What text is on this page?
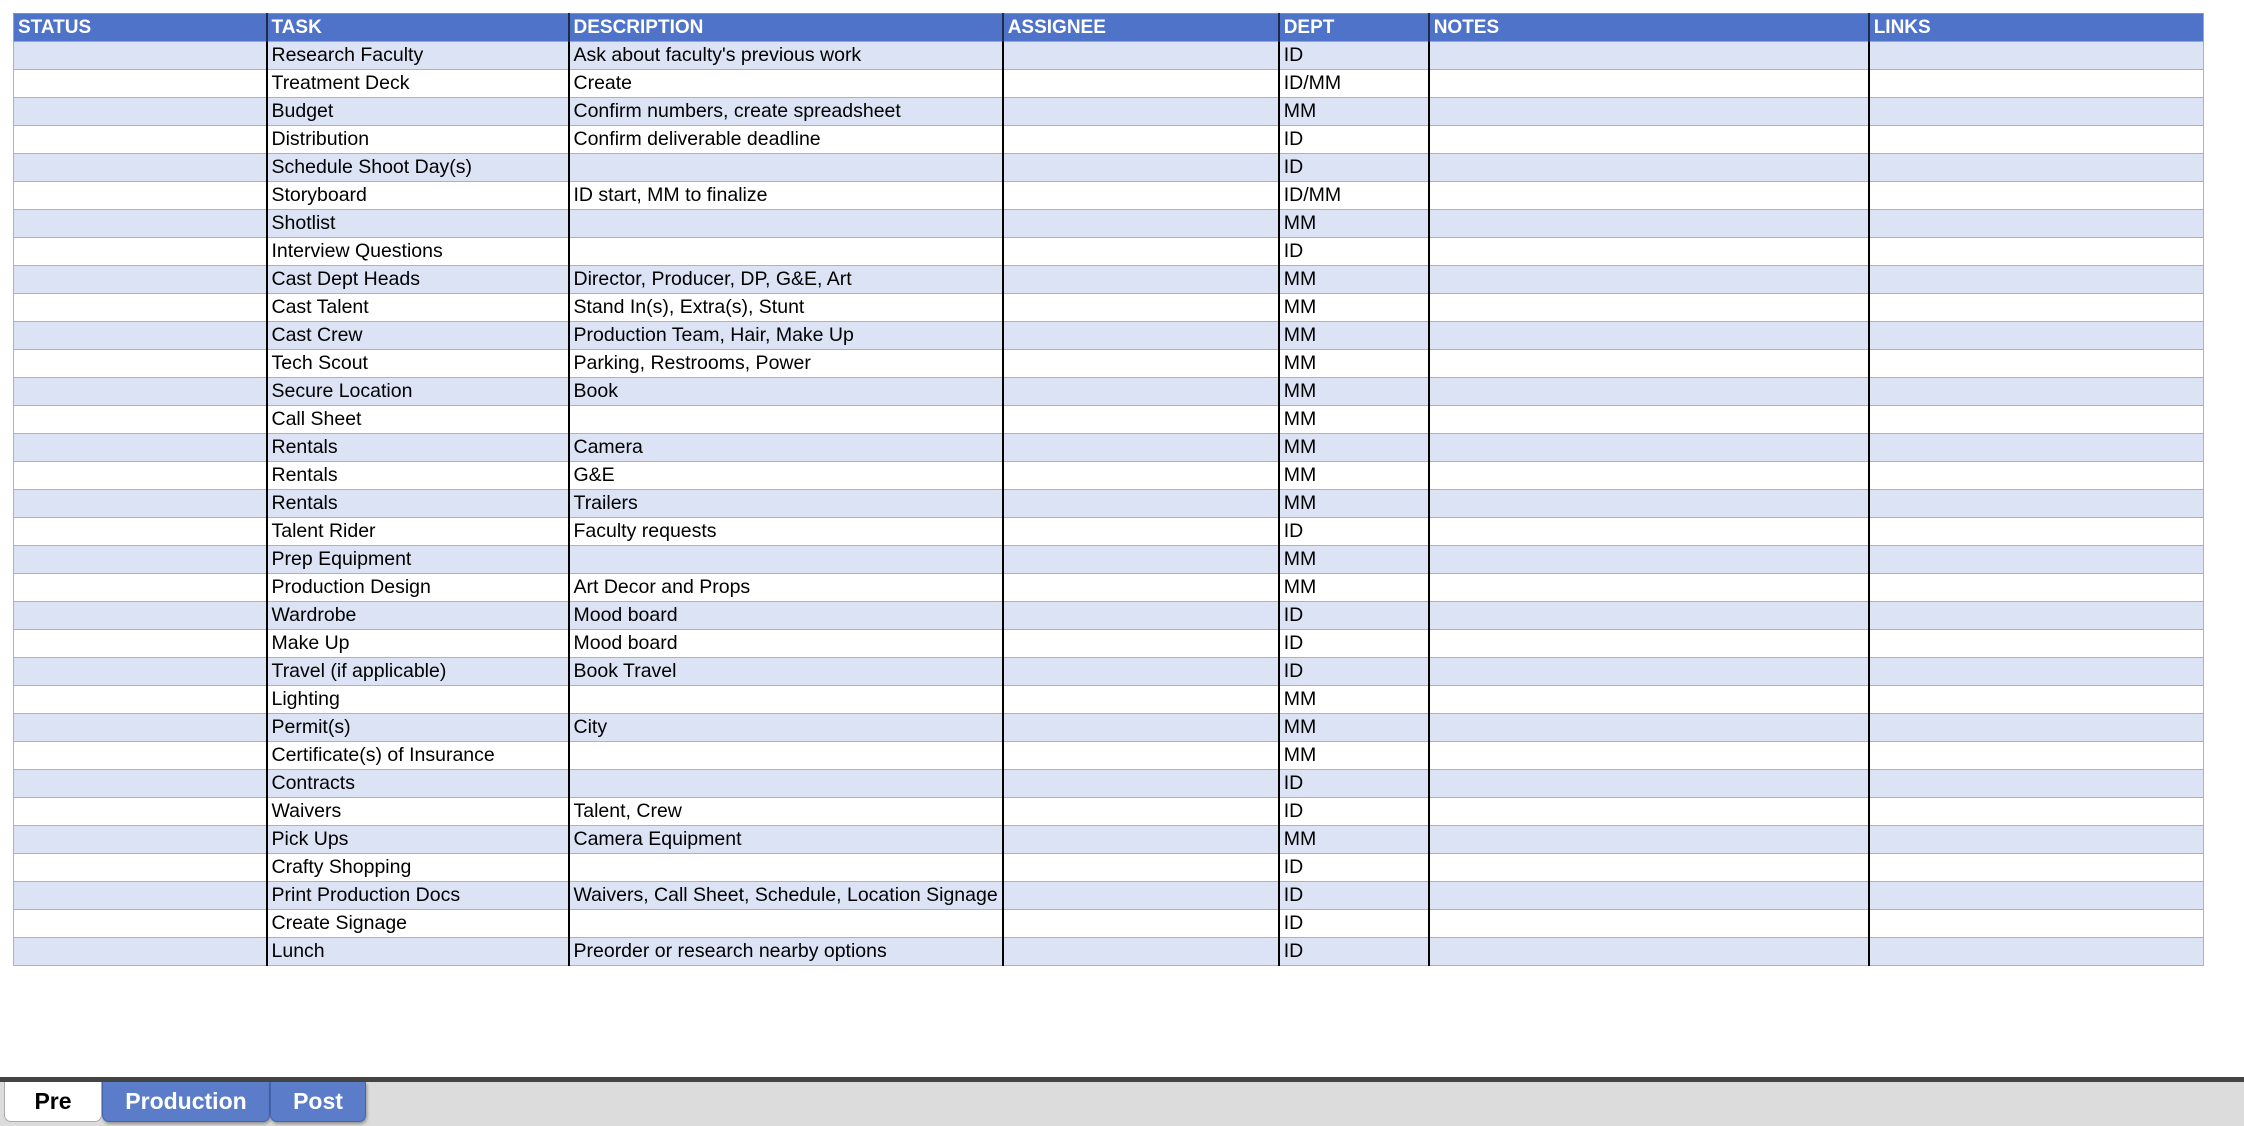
STATUS	TASK	DESCRIPTION	ASSIGNEE	DEPT	NOTES	LINKS
	Research Faculty	Ask about faculty's previous work		ID		
	Treatment Deck	Create		ID/MM		
	Budget	Confirm numbers, create spreadsheet		MM		
	Distribution	Confirm deliverable deadline		ID		
	Schedule Shoot Day(s)			ID		
	Storyboard	ID start, MM to finalize		ID/MM		
	Shotlist			MM		
	Interview Questions			ID		
	Cast Dept Heads	Director, Producer, DP, G&E, Art		MM		
	Cast Talent	Stand In(s), Extra(s), Stunt		MM		
	Cast Crew	Production Team, Hair, Make Up		MM		
	Tech Scout	Parking, Restrooms, Power		MM		
	Secure Location	Book		MM		
	Call Sheet			MM		
	Rentals	Camera		MM		
	Rentals	G&E		MM		
	Rentals	Trailers		MM		
	Talent Rider	Faculty requests		ID		
	Prep Equipment			MM		
	Production Design	Art Decor and Props		MM		
	Wardrobe	Mood board		ID		
	Make Up	Mood board		ID		
	Travel (if applicable)	Book Travel		ID		
	Lighting			MM		
	Permit(s)	City		MM		
	Certificate(s) of Insurance			MM		
	Contracts			ID		
	Waivers	Talent, Crew		ID		
	Pick Ups	Camera Equipment		MM		
	Crafty Shopping			ID		
	Print Production Docs	Waivers, Call Sheet, Schedule, Location Signage		ID		
	Create Signage			ID		
	Lunch	Preorder or research nearby options		ID		
Pre	Production	Post
